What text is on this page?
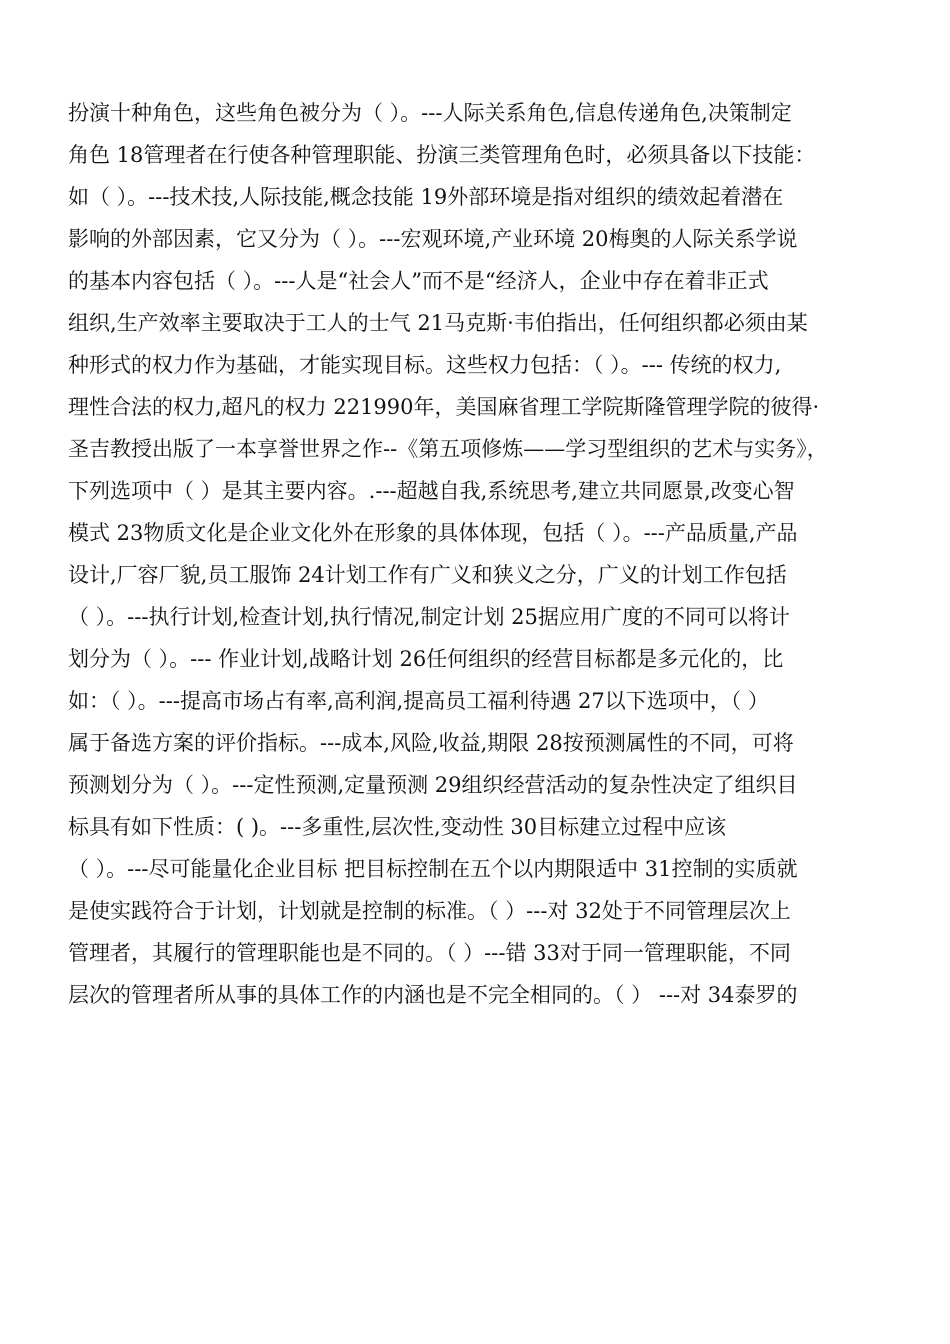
扮演十种角色，这些角色被分为（ ）。---人际关系角色,信息传递角色,决策制定
角色 18管理者在行使各种管理职能、扮演三类管理角色时，必须具备以下技能：
如（ ）。---技术技,人际技能,概念技能 19外部环境是指对组织的绩效起着潜在
影响的外部因素，它又分为（ ）。---宏观环境,产业环境 20梅奥的人际关系学说
的基本内容包括（ ）。---人是“社会人”而不是“经济人，企业中存在着非正式
组织,生产效率主要取决于工人的士气 21马克斯·韦伯指出，任何组织都必须由某
种形式的权力作为基础，才能实现目标。这些权力包括：（ ）。--- 传统的权力,
理性合法的权力,超凡的权力 221990年，美国麻省理工学院斯隆管理学院的彼得·
圣吉教授出版了一本享誉世界之作--《第五项修炼——学习型组织的艺术与实务》，
下列选项中（ ）是其主要内容。.---超越自我,系统思考,建立共同愿景,改变心智
模式 23物质文化是企业文化外在形象的具体体现，包括（ ）。---产品质量,产品
设计,厂容厂貌,员工服饰 24计划工作有广义和狭义之分，广义的计划工作包括
（ ）。---执行计划,检查计划,执行情况,制定计划 25据应用广度的不同可以将计
划分为（ ）。--- 作业计划,战略计划 26任何组织的经营目标都是多元化的，比
如：（ ）。---提高市场占有率,高利润,提高员工福利待遇 27以下选项中，（ ）
属于备选方案的评价指标。---成本,风险,收益,期限 28按预测属性的不同，可将
预测划分为（ ）。---定性预测,定量预测 29组织经营活动的复杂性决定了组织目
标具有如下性质：( )。---多重性,层次性,变动性 30目标建立过程中应该
（ ）。---尽可能量化企业目标 把目标控制在五个以内期限适中 31控制的实质就
是使实践符合于计划，计划就是控制的标准。（ ）---对 32处于不同管理层次上
管理者，其履行的管理职能也是不同的。（ ）---错 33对于同一管理职能，不同
层次的管理者所从事的具体工作的内涵也是不完全相同的。（ ） ---对 34泰罗的
